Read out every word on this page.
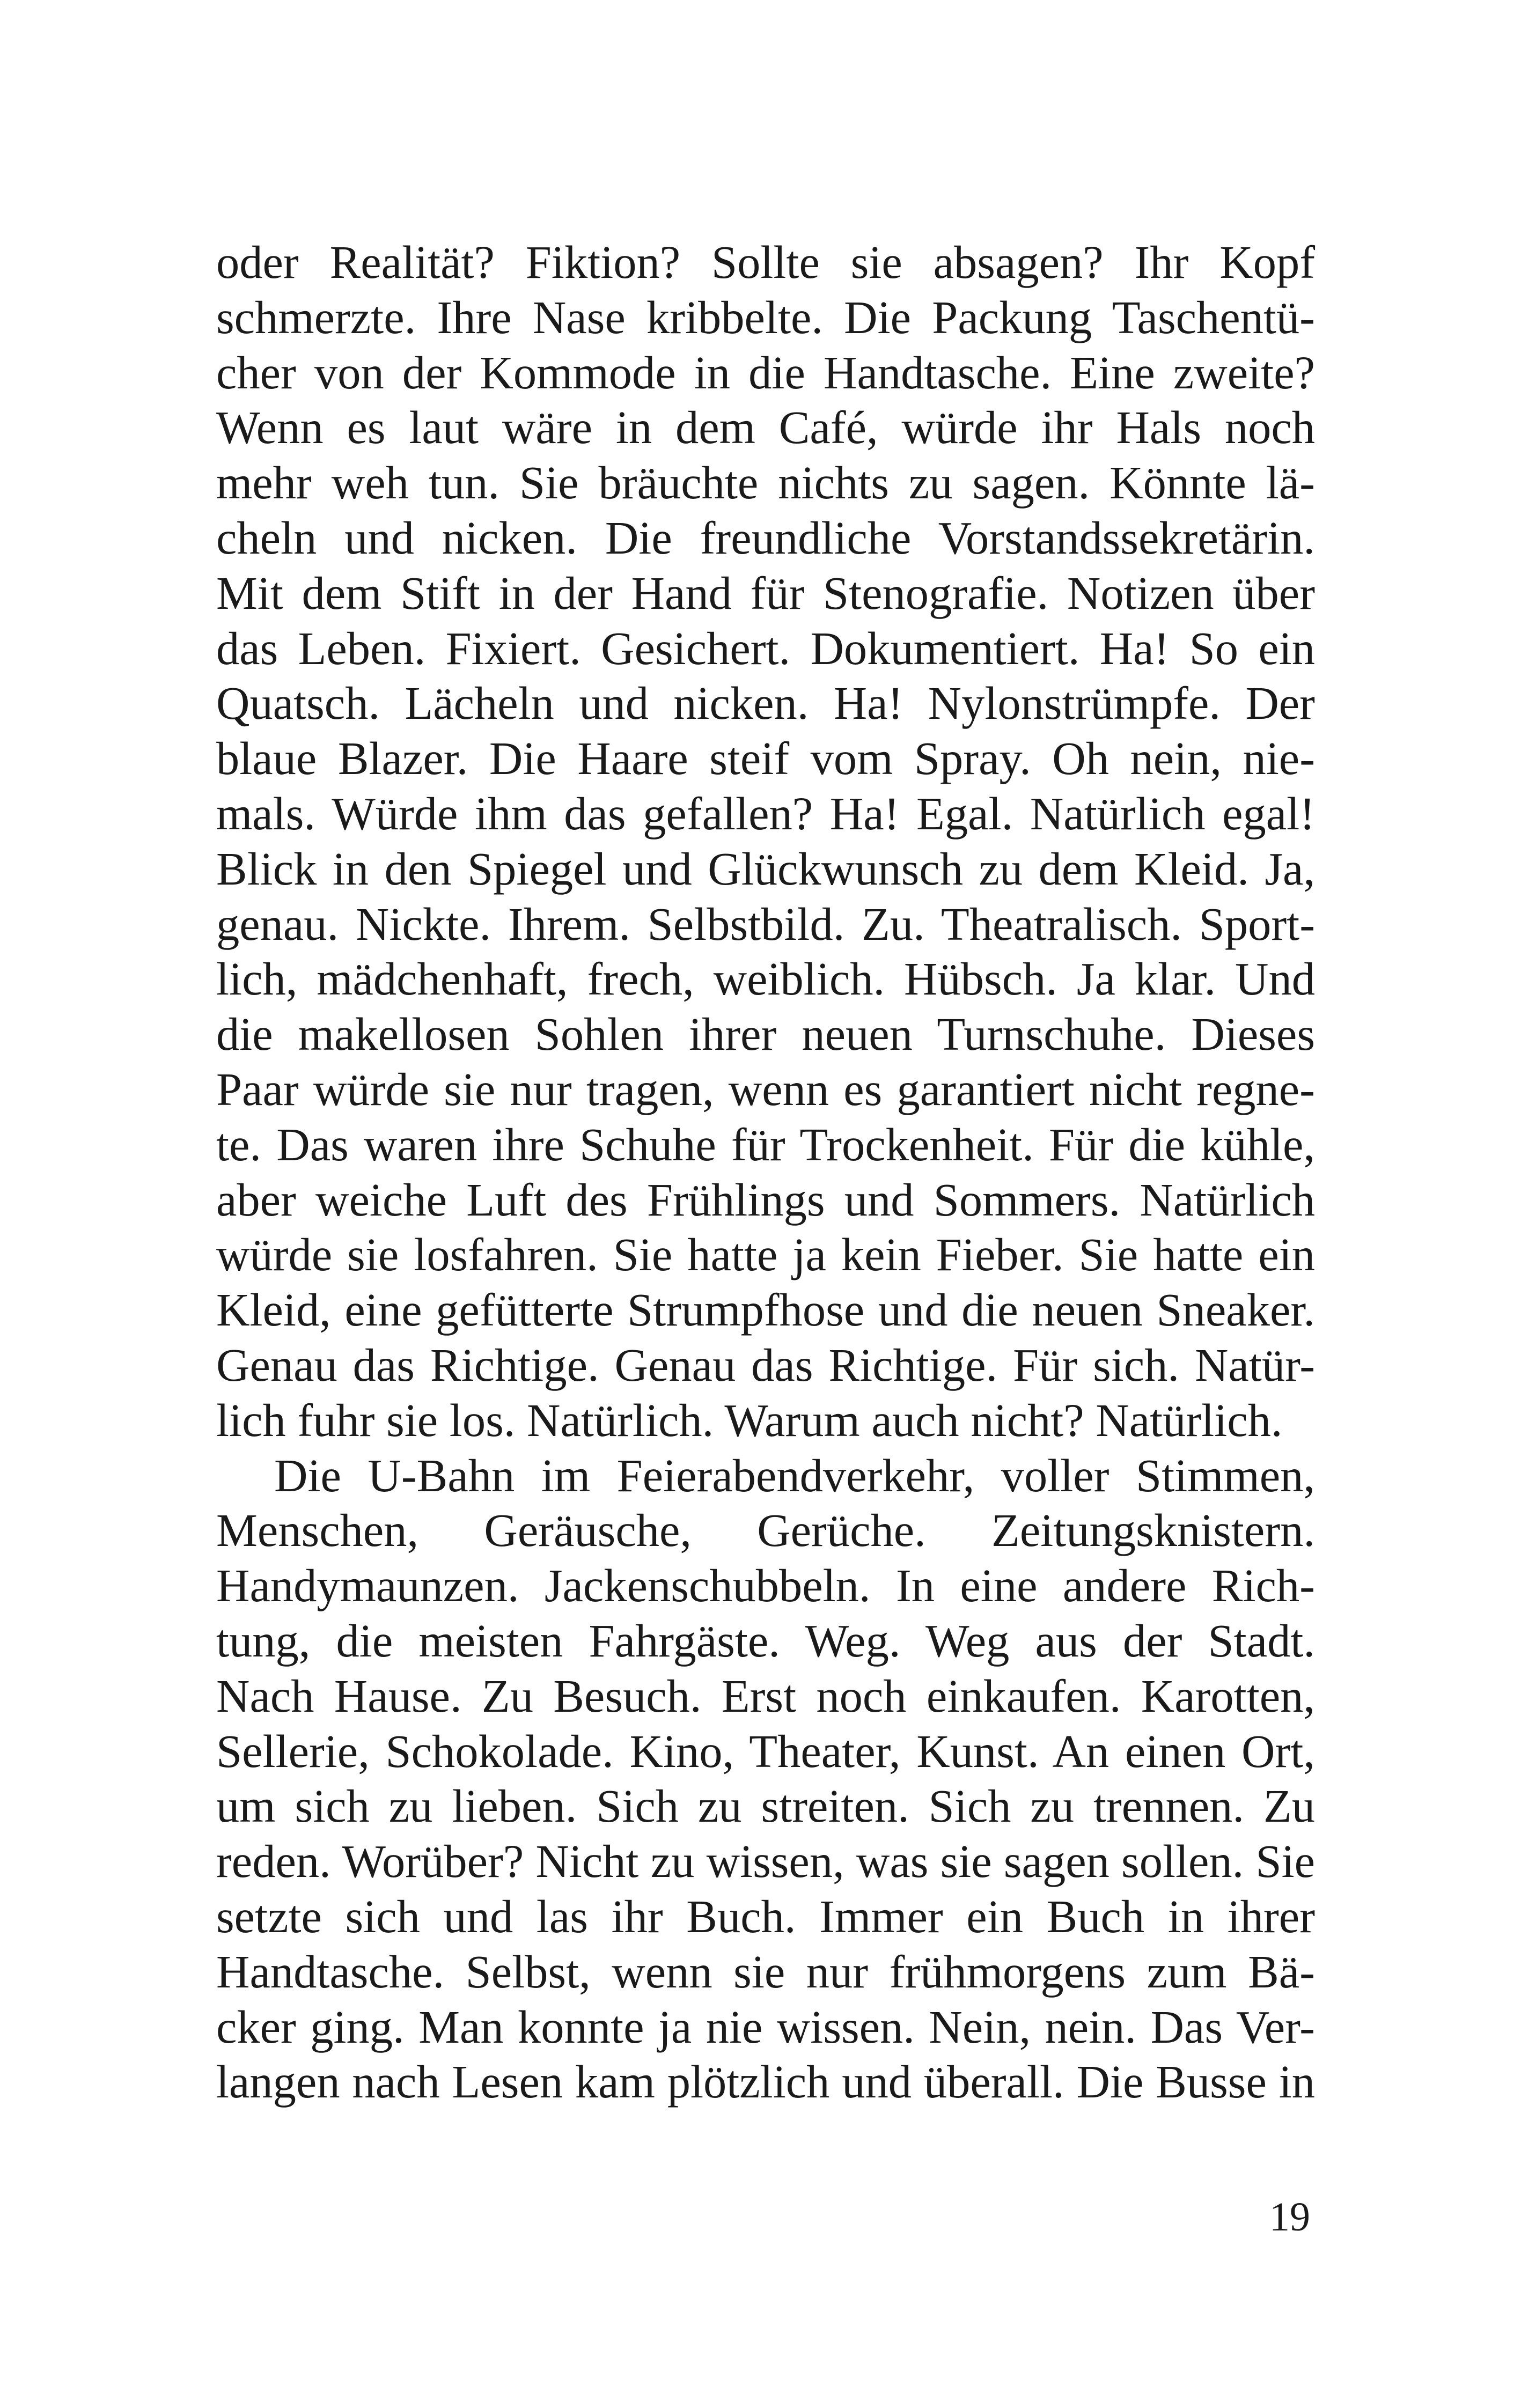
oder Realität? Fiktion? Sollte sie absagen? Ihr Kopf
schmerzte. Ihre Nase kribbelte. Die Packung Taschentü-
cher von der Kommode in die Handtasche. Eine zweite?
Wenn es laut wäre in dem Café, würde ihr Hals noch
mehr weh tun. Sie bräuchte nichts zu sagen. Könnte lä-
cheln und nicken. Die freundliche Vorstandssekretärin.
Mit dem Stift in der Hand für Stenografie. Notizen über
das Leben. Fixiert. Gesichert. Dokumentiert. Ha! So ein
Quatsch. Lächeln und nicken. Ha! Nylonstrümpfe. Der
blaue Blazer. Die Haare steif vom Spray. Oh nein, nie-
mals. Würde ihm das gefallen? Ha! Egal. Natürlich egal!
Blick in den Spiegel und Glückwunsch zu dem Kleid. Ja,
genau. Nickte. Ihrem. Selbstbild. Zu. Theatralisch. Sport-
lich, mädchenhaft, frech, weiblich. Hübsch. Ja klar. Und
die makellosen Sohlen ihrer neuen Turnschuhe. Dieses
Paar würde sie nur tragen, wenn es garantiert nicht regne-
te. Das waren ihre Schuhe für Trockenheit. Für die kühle,
aber weiche Luft des Frühlings und Sommers. Natürlich
würde sie losfahren. Sie hatte ja kein Fieber. Sie hatte ein
Kleid, eine gefütterte Strumpfhose und die neuen Sneaker.
Genau das Richtige. Genau das Richtige. Für sich. Natür-
lich fuhr sie los. Natürlich. Warum auch nicht? Natürlich.
Die U-Bahn im Feierabendverkehr, voller Stimmen,
Menschen, Geräusche, Gerüche. Zeitungsknistern.
Handymaunzen. Jackenschubbeln. In eine andere Rich-
tung, die meisten Fahrgäste. Weg. Weg aus der Stadt.
Nach Hause. Zu Besuch. Erst noch einkaufen. Karotten,
Sellerie, Schokolade. Kino, Theater, Kunst. An einen Ort,
um sich zu lieben. Sich zu streiten. Sich zu trennen. Zu
reden. Worüber? Nicht zu wissen, was sie sagen sollen. Sie
setzte sich und las ihr Buch. Immer ein Buch in ihrer
Handtasche. Selbst, wenn sie nur frühmorgens zum Bä-
cker ging. Man konnte ja nie wissen. Nein, nein. Das Ver-
langen nach Lesen kam plötzlich und überall. Die Busse in
19
